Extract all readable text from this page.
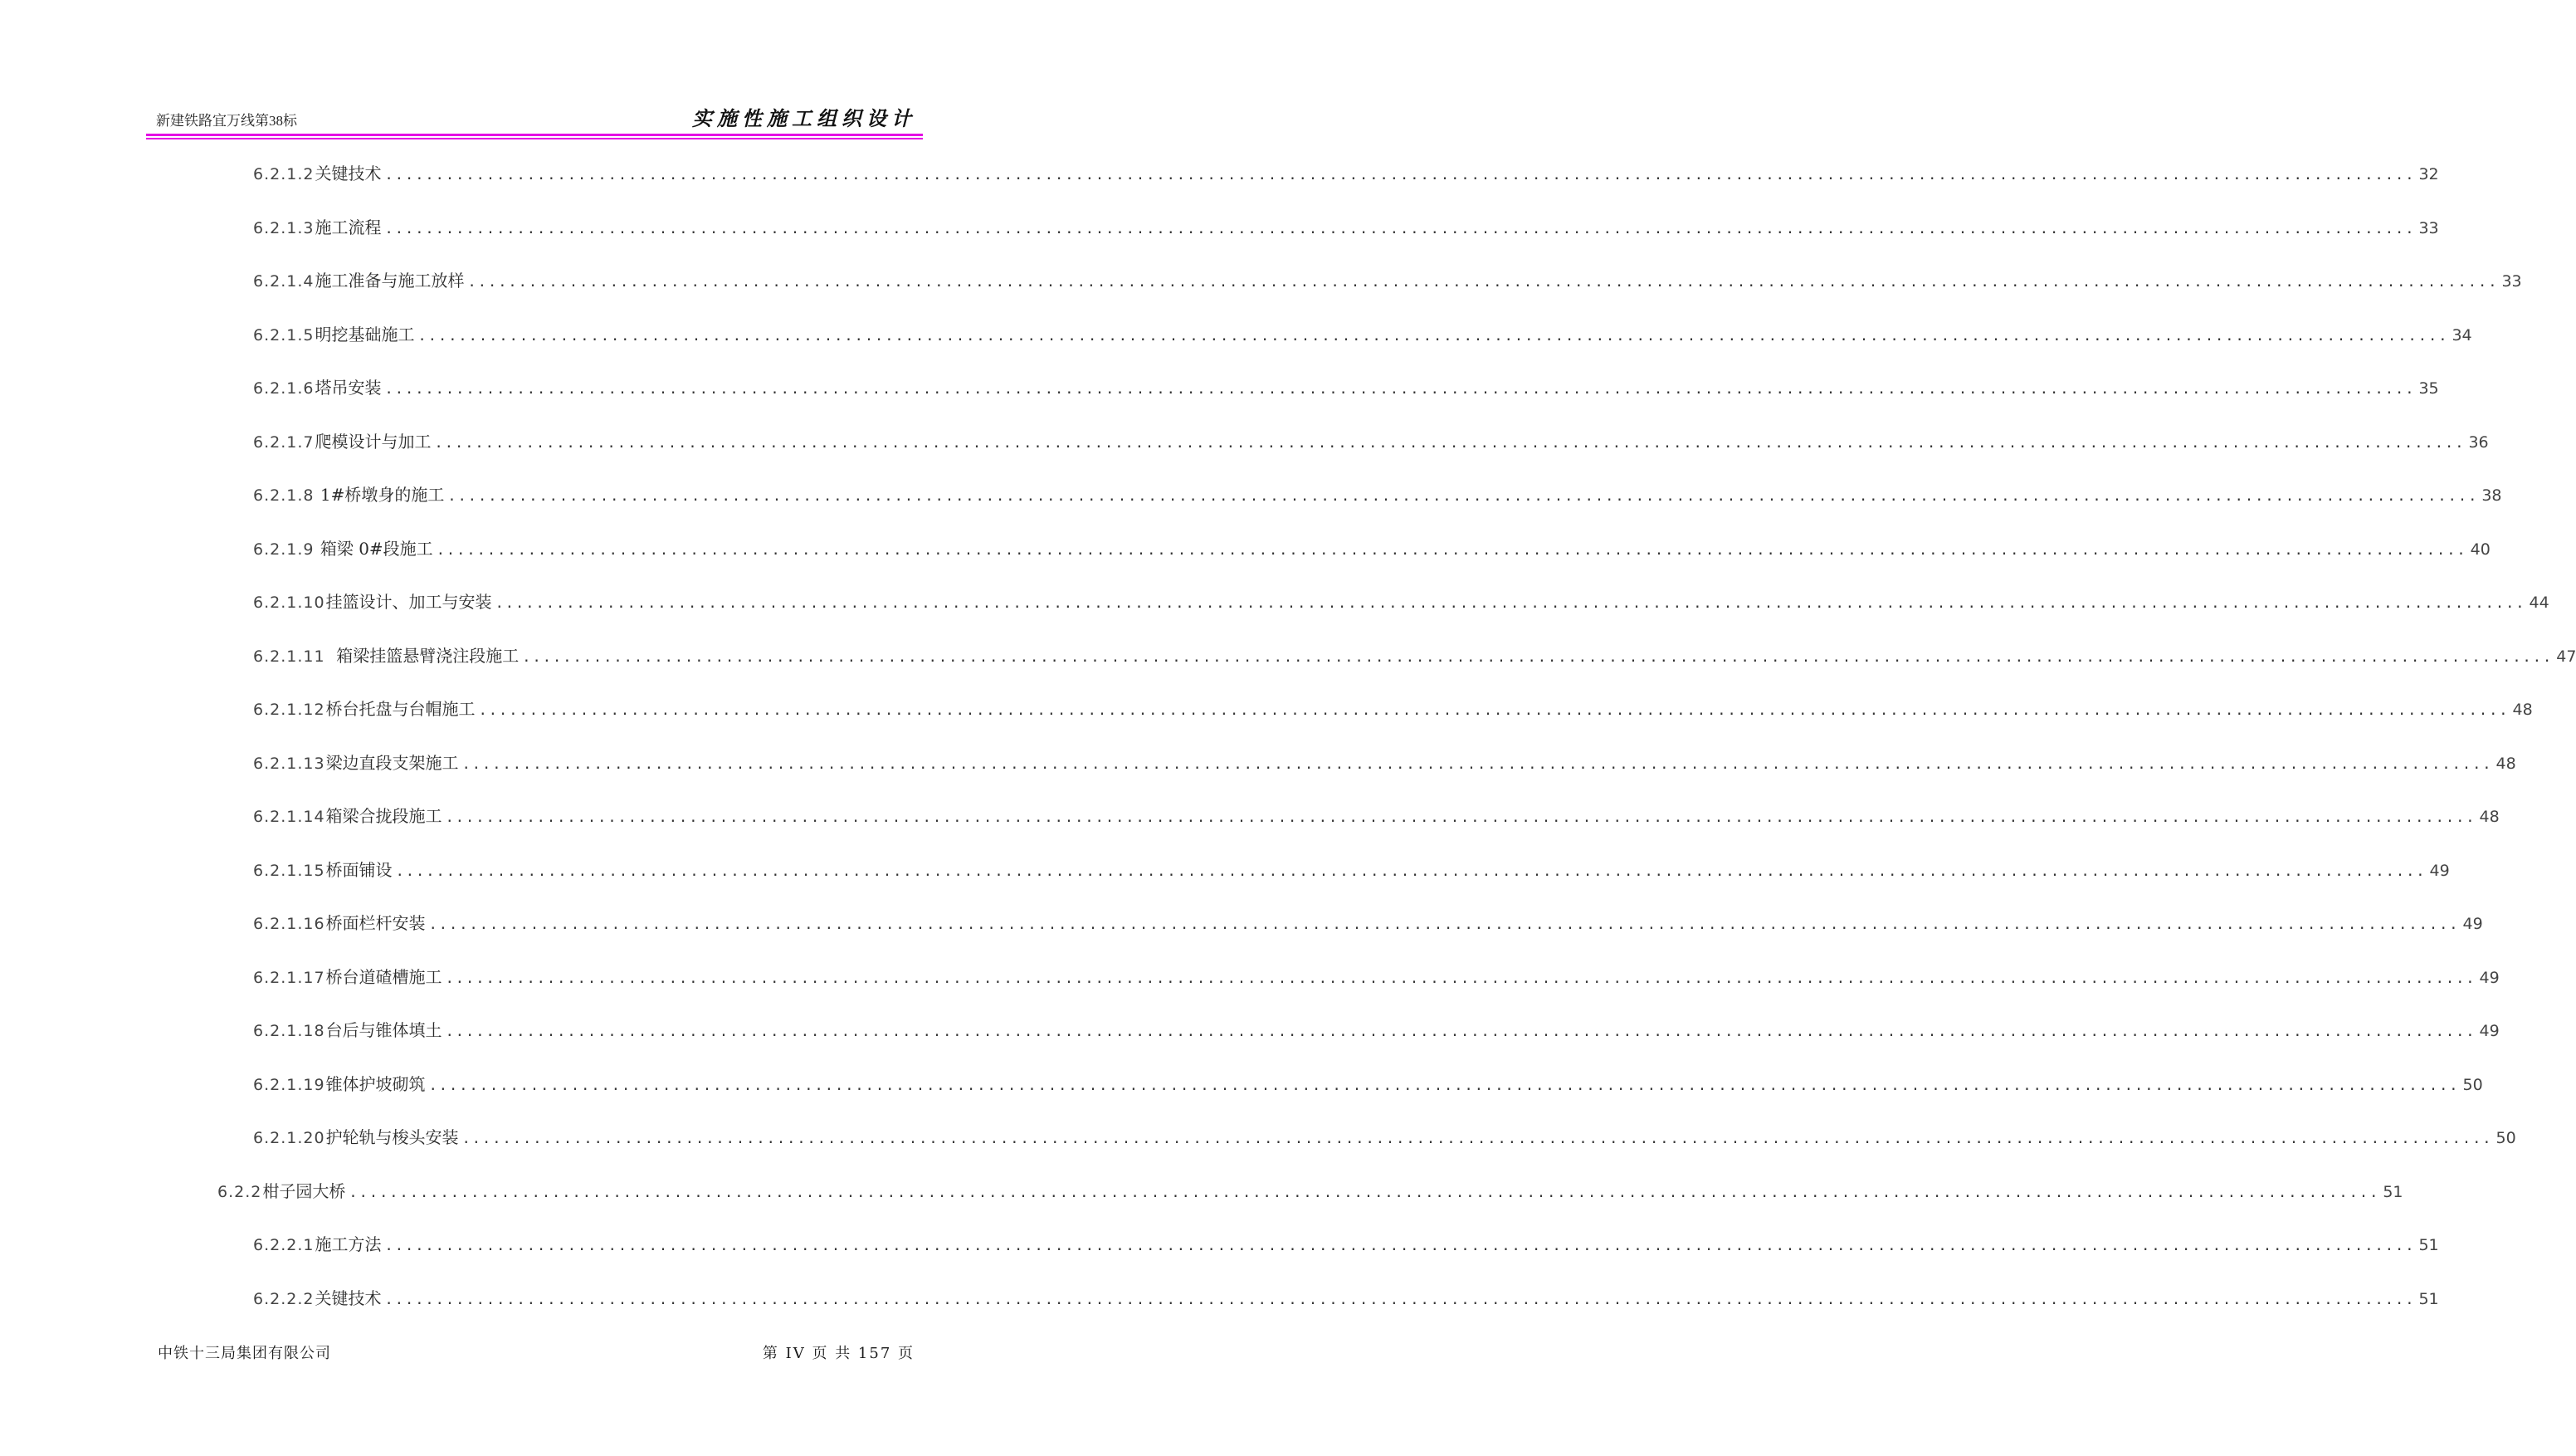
新建铁路宜万线第38标	实施性施工组织设计
6.2.1.2 关键技术 ........................................................................................................................................................................................................ 32
6.2.1.3 施工流程 ........................................................................................................................................................................................................ 33
6.2.1.4 施工准备与施工放样 ........................................................................................................................................................................................................ 33
6.2.1.5 明挖基础施工 ........................................................................................................................................................................................................ 34
6.2.1.6 塔吊安装 ........................................................................................................................................................................................................ 35
6.2.1.7 爬模设计与加工 ........................................................................................................................................................................................................ 36
6.2.1.8 1#桥墩身的施工 ........................................................................................................................................................................................................ 38
6.2.1.9 箱梁 0#段施工 ........................................................................................................................................................................................................ 40
6.2.1.10 挂篮设计、加工与安装 ........................................................................................................................................................................................................ 44
6.2.1.11 箱梁挂篮悬臂浇注段施工 ........................................................................................................................................................................................................ 47
6.2.1.12 桥台托盘与台帽施工 ........................................................................................................................................................................................................ 48
6.2.1.13 梁边直段支架施工 ........................................................................................................................................................................................................ 48
6.2.1.14 箱梁合拢段施工 ........................................................................................................................................................................................................ 48
6.2.1.15 桥面铺设 ........................................................................................................................................................................................................ 49
6.2.1.16 桥面栏杆安装 ........................................................................................................................................................................................................ 49
6.2.1.17 桥台道碴槽施工 ........................................................................................................................................................................................................ 49
6.2.1.18 台后与锥体填土 ........................................................................................................................................................................................................ 49
6.2.1.19 锥体护坡砌筑 ........................................................................................................................................................................................................ 50
6.2.1.20 护轮轨与梭头安装 ........................................................................................................................................................................................................ 50
6.2.2 柑子园大桥 ........................................................................................................................................................................................................ 51
6.2.2.1 施工方法 ........................................................................................................................................................................................................ 51
6.2.2.2 关键技术 ........................................................................................................................................................................................................ 51
中铁十三局集团有限公司	第 IV 页 共 157 页
